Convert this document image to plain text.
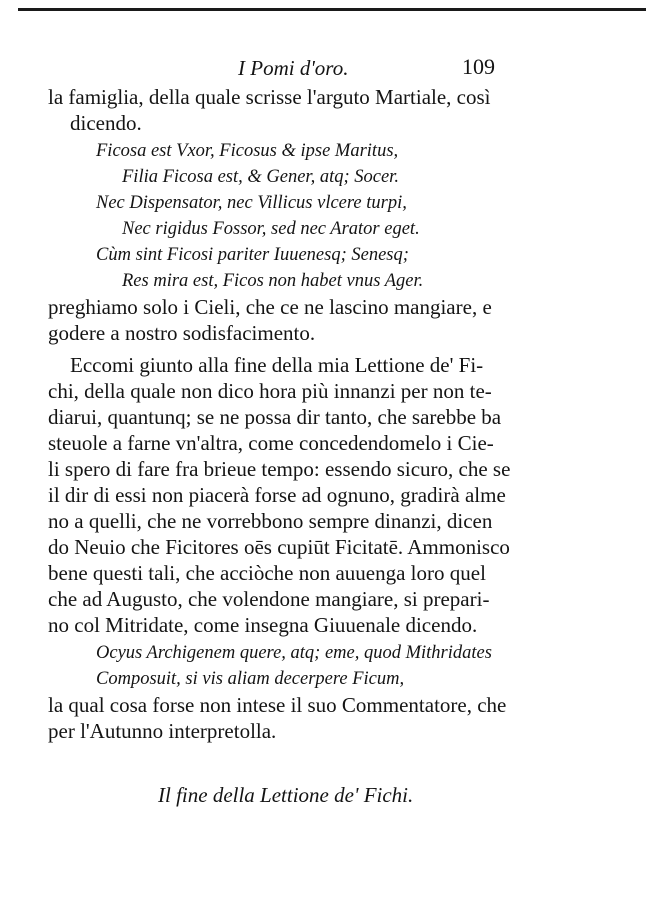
I Pomi d'oro.	109

la famiglia, della quale scrisse l'arguto Martiale, così
dicendo.

Ficosa est Vxor, Ficosus & ipse Maritus,
Filia Ficosa est, & Gener, atq; Socer.
Nec Dispensator, nec Villicus vlcere turpi,
Nec rigidus Fossor, sed nec Arator eget.
Cùm sint Ficosi pariter Iuuenesq; Senesq;
Res mira est, Ficos non habet vnus Ager.

preghiamo solo i Cieli, che ce ne lascino mangiare, e
godere a nostro sodisfacimento.

Eccomi giunto alla fine della mia Lettione de' Fi-
chi, della quale non dico hora più innanzi per non te-
diarui, quantunq; se ne possa dir tanto, che sarebbe ba
steuole a farne vn'altra, come concedendomelo i Cie-
li spero di fare fra brieue tempo: essendo sicuro, che se
il dir di essi non piacerà forse ad ognuno, gradirà alme
no a quelli, che ne vorrebbono sempre dinanzi, dicen
do Neuio che Ficitores oēs cupiūt Ficitatē. Ammonisco
bene questi tali, che acciòche non auuenga loro quel
che ad Augusto, che volendone mangiare, si prepari-
no col Mitridate, come insegna Giuuenale dicendo.

Ocyus Archigenem quere, atq; eme, quod Mithridates
Composuit, si vis aliam decerpere Ficum,

la qual cosa forse non intese il suo Commentatore, che
per l'Autunno interpretolla.

Il fine della Lettione de' Fichi.
